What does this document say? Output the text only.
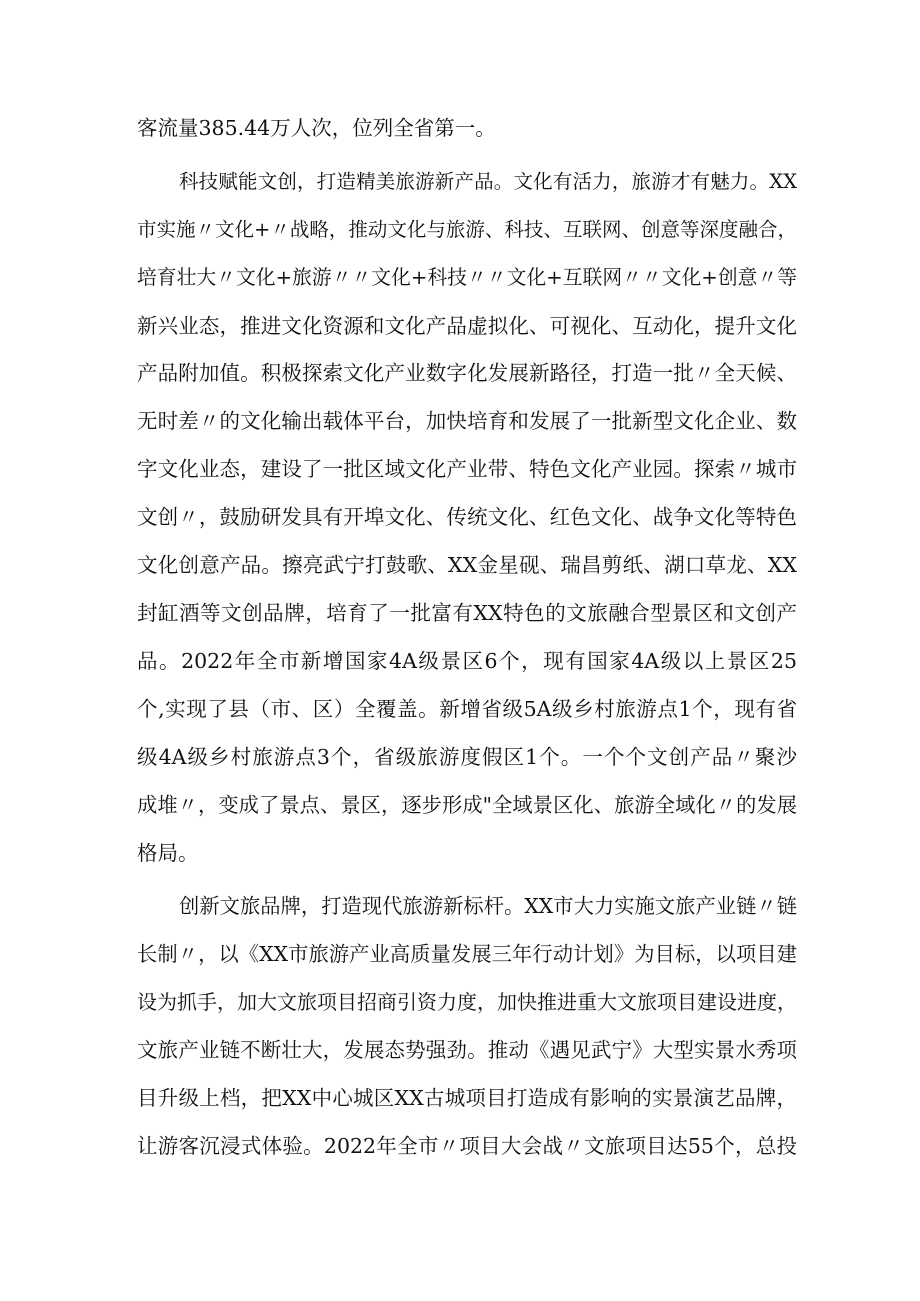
客流量385.44万人次，位列全省第一。
科技赋能文创，打造精美旅游新产品。文化有活力，旅游才有魅力。XX
市实施〃文化+〃战略，推动文化与旅游、科技、互联网、创意等深度融合，
培育壮大〃文化+旅游〃〃文化+科技〃〃文化+互联网〃〃文化+创意〃等
新兴业态，推进文化资源和文化产品虚拟化、可视化、互动化，提升文化
产品附加值。积极探索文化产业数字化发展新路径，打造一批〃全天候、
无时差〃的文化输出载体平台，加快培育和发展了一批新型文化企业、数
字文化业态，建设了一批区域文化产业带、特色文化产业园。探索〃城市
文创〃，鼓励研发具有开埠文化、传统文化、红色文化、战争文化等特色
文化创意产品。擦亮武宁打鼓歌、XX金星砚、瑞昌剪纸、湖口草龙、XX
封缸酒等文创品牌，培育了一批富有XX特色的文旅融合型景区和文创产
品。2022年全市新增国家4A级景区6个，现有国家4A级以上景区25
个,实现了县（市、区）全覆盖。新增省级5A级乡村旅游点1个，现有省
级4A级乡村旅游点3个，省级旅游度假区1个。一个个文创产品〃聚沙
成堆〃，变成了景点、景区，逐步形成"全域景区化、旅游全域化〃的发展
格局。
创新文旅品牌，打造现代旅游新标杆。XX市大力实施文旅产业链〃链
长制〃，以《XX市旅游产业高质量发展三年行动计划》为目标，以项目建
设为抓手，加大文旅项目招商引资力度，加快推进重大文旅项目建设进度，
文旅产业链不断壮大，发展态势强劲。推动《遇见武宁》大型实景水秀项
目升级上档，把XX中心城区XX古城项目打造成有影响的实景演艺品牌，
让游客沉浸式体验。2022年全市〃项目大会战〃文旅项目达55个，总投
